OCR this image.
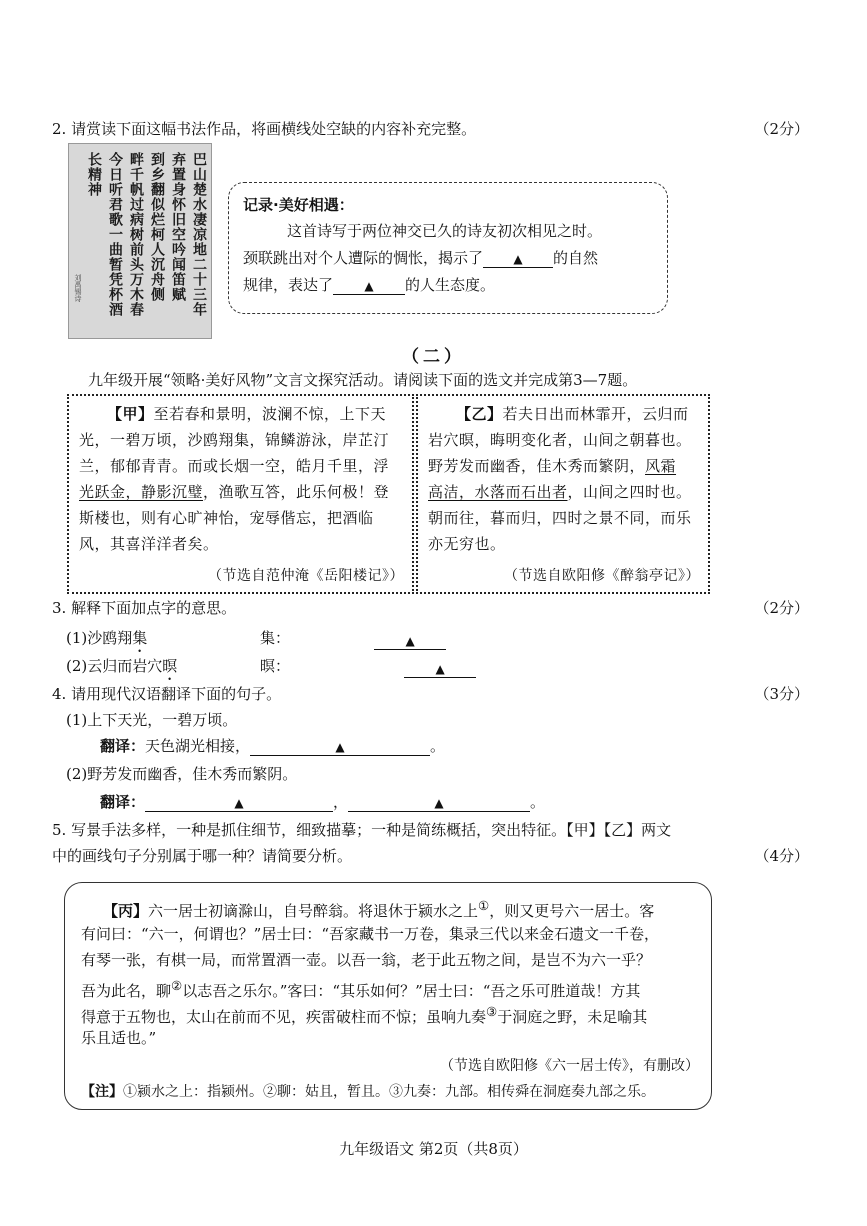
2. 请赏读下面这幅书法作品，将画横线处空缺的内容补充完整。	（2分）
巴山楚水凄凉地二十三年
弃置身怀旧空吟闻笛赋
到乡翻似烂柯人沉舟侧
畔千帆过病树前头万木春
今日听君歌一曲暂凭杯酒
长精神
刘禹锡诗
记录·美好相遇：
这首诗写于两位神交已久的诗友初次相见之时。
颈联跳出对个人遭际的惆怅，揭示了	▲ 的自然
规律，表达了	▲ 的人生态度。
（二）
九年级开展“领略·美好风物”文言文探究活动。请阅读下面的选文并完成第3—7题。
【甲】至若春和景明，波澜不惊，上下天
光，一碧万顷，沙鸥翔集，锦鳞游泳，岸芷汀
兰，郁郁青青。而或长烟一空，皓月千里，浮
光跃金，静影沉璧，渔歌互答，此乐何极！登
斯楼也，则有心旷神怡，宠辱偕忘，把酒临
风，其喜洋洋者矣。
（节选自范仲淹《岳阳楼记》）
【乙】若夫日出而林霏开，云归而
岩穴暝，晦明变化者，山间之朝暮也。
野芳发而幽香，佳木秀而繁阴，风霜
高洁，水落而石出者，山间之四时也。
朝而往，暮而归，四时之景不同，而乐
亦无穷也。
（节选自欧阳修《醉翁亭记》）
3. 解释下面加点字的意思。	（2分）
(1)沙鸥翔集	集：	▲
(2)云归而岩穴暝	暝：	▲
4. 请用现代汉语翻译下面的句子。	（3分）
(1)上下天光，一碧万顷。
翻译：天色湖光相接，	▲	。
(2)野芳发而幽香，佳木秀而繁阴。
翻译：	▲	，	▲	。
5. 写景手法多样，一种是抓住细节，细致描摹；一种是简练概括，突出特征。【甲】【乙】两文
中的画线句子分别属于哪一种？请简要分析。	（4分）
【丙】六一居士初谪滁山，自号醉翁。将退休于颍水之上①，则又更号六一居士。客
有问曰：“六一，何谓也？”居士曰：“吾家藏书一万卷，集录三代以来金石遗文一千卷，
有琴一张，有棋一局，而常置酒一壶。以吾一翁，老于此五物之间，是岂不为六一乎？
吾为此名，聊②以志吾之乐尔。”客曰：“其乐如何？”居士曰：“吾之乐可胜道哉！方其
得意于五物也，太山在前而不见，疾雷破柱而不惊；虽响九奏③于洞庭之野，未足喻其
乐且适也。”
（节选自欧阳修《六一居士传》，有删改）
【注】①颍水之上：指颍州。②聊：姑且，暂且。③九奏：九部。相传舜在洞庭奏九部之乐。
九年级语文 第2页（共8页）
